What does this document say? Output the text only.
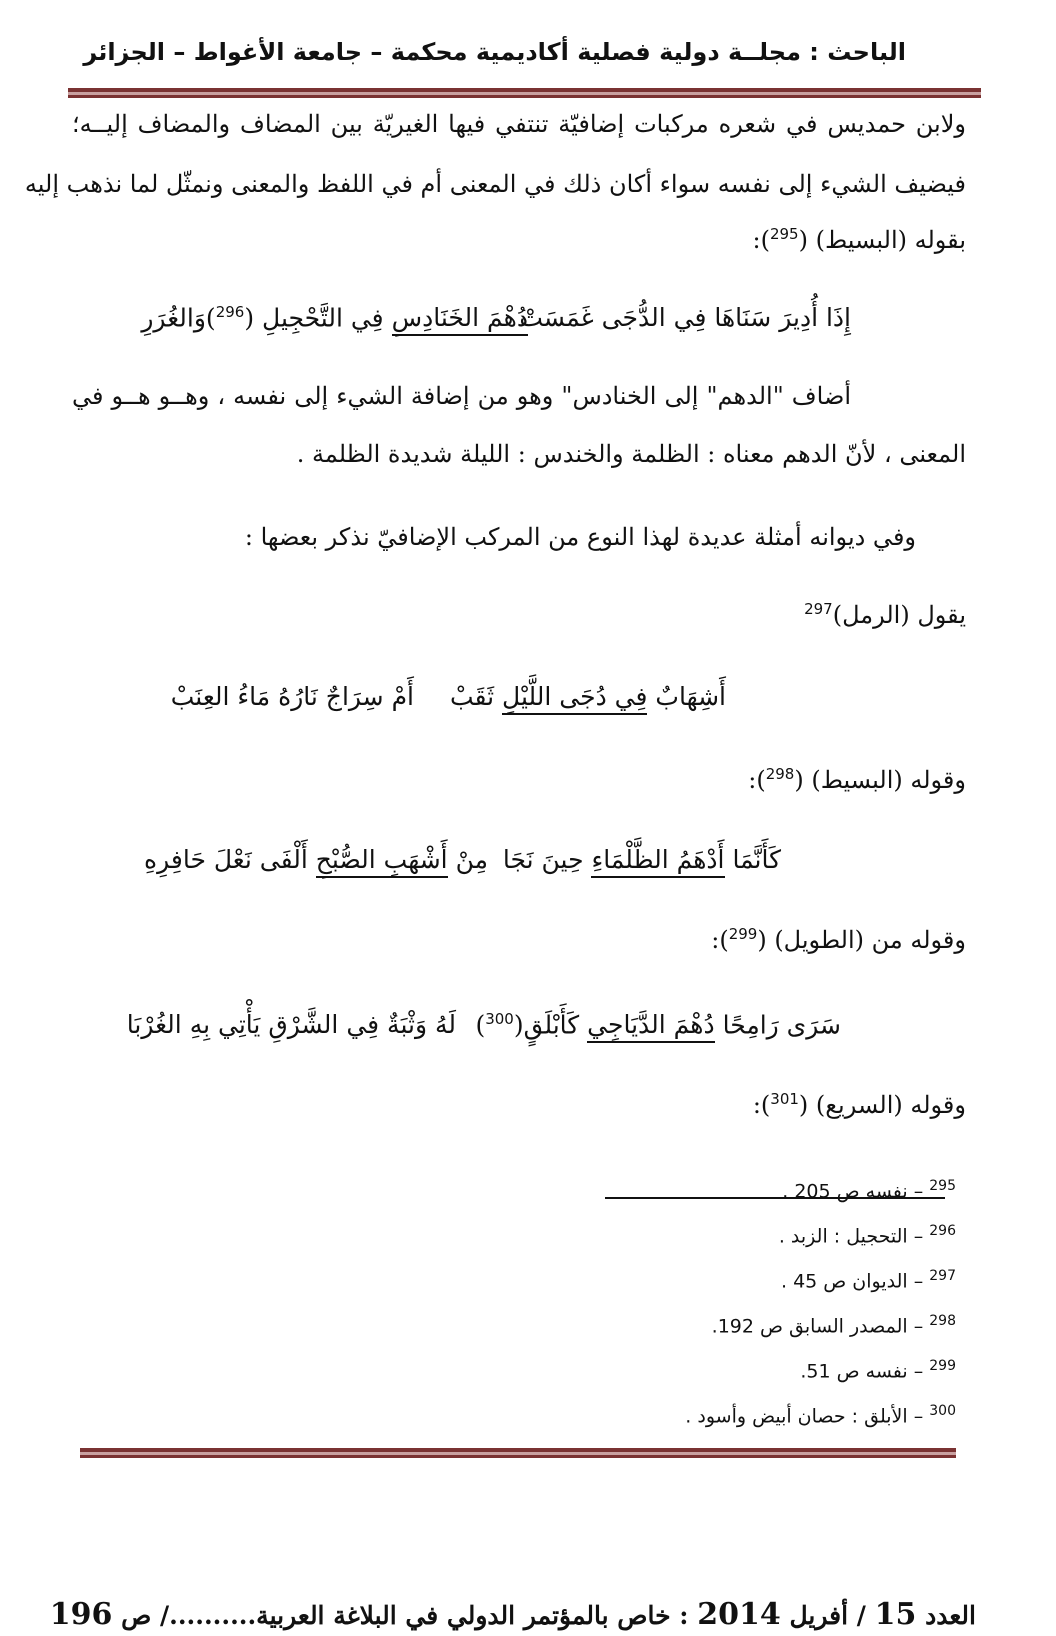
الباحث : مجلــة دولية فصلية أكاديمية محكمة – جامعة الأغواط – الجزائر
ولابن حمديس في شعره مركبات إضافيّة تنتفي فيها الغيريّة بين المضاف والمضاف إليــه؛
فيضيف الشيء إلى نفسه سواء أكان ذلك في المعنى أم في اللفظ والمعنى ونمثّل لما نذهب إليه
بقوله (البسيط) ($^{295}$):
إِذَا أُدِيرَ سَنَاهَا فِي الدُّجَى غَمَسَتْ
دُهْمَ الخَنَادِسِ فِي التَّحْجِيلِ ($^{296}$)وَالغُرَرِ
أضاف "الدهم" إلى الخنادس" وهو من إضافة الشيء إلى نفسه ، وهــو هــو في
المعنى ، لأنّ الدهم معناه : الظلمة والخندس : الليلة شديدة الظلمة .
وفي ديوانه أمثلة عديدة لهذا النوع من المركب الإضافيّ نذكر بعضها :
يقول (الرمل)$^{297}$
أَشِهَابٌ فِي دُجَى اللَّيْلِ ثَقَبْ
أَمْ سِرَاجٌ نَارُهُ مَاءُ العِنَبْ
وقوله (البسيط) ($^{298}$):
كَأَنَّمَا أَدْهَمُ الظَّلْمَاءِ حِينَ نَجَا
مِنْ أَشْهَبِ الصُّبْحِ أَلْفَى نَعْلَ حَافِرِهِ
وقوله من (الطويل) ($^{299}$):
سَرَى رَامِحًا دُهْمَ الدَّيَاجِي كَأَبْلَقٍ($^{300}$)
لَهُ وَثْبَةٌ فِي الشَّرْقِ يَأْتِي بِهِ الغُرْبَا
وقوله (السريع) ($^{301}$):
$^{295}$ – نفسه ص 205 .
$^{296}$ – التحجيل : الزبد .
$^{297}$ – الديوان ص 45 .
$^{298}$ – المصدر السابق ص 192.
$^{299}$ – نفسه ص 51.
$^{300}$ – الأبلق : حصان أبيض وأسود .
العدد 15 / أفريل 2014 : خاص بالمؤتمر الدولي في البلاغة العربية........../ ص 196
